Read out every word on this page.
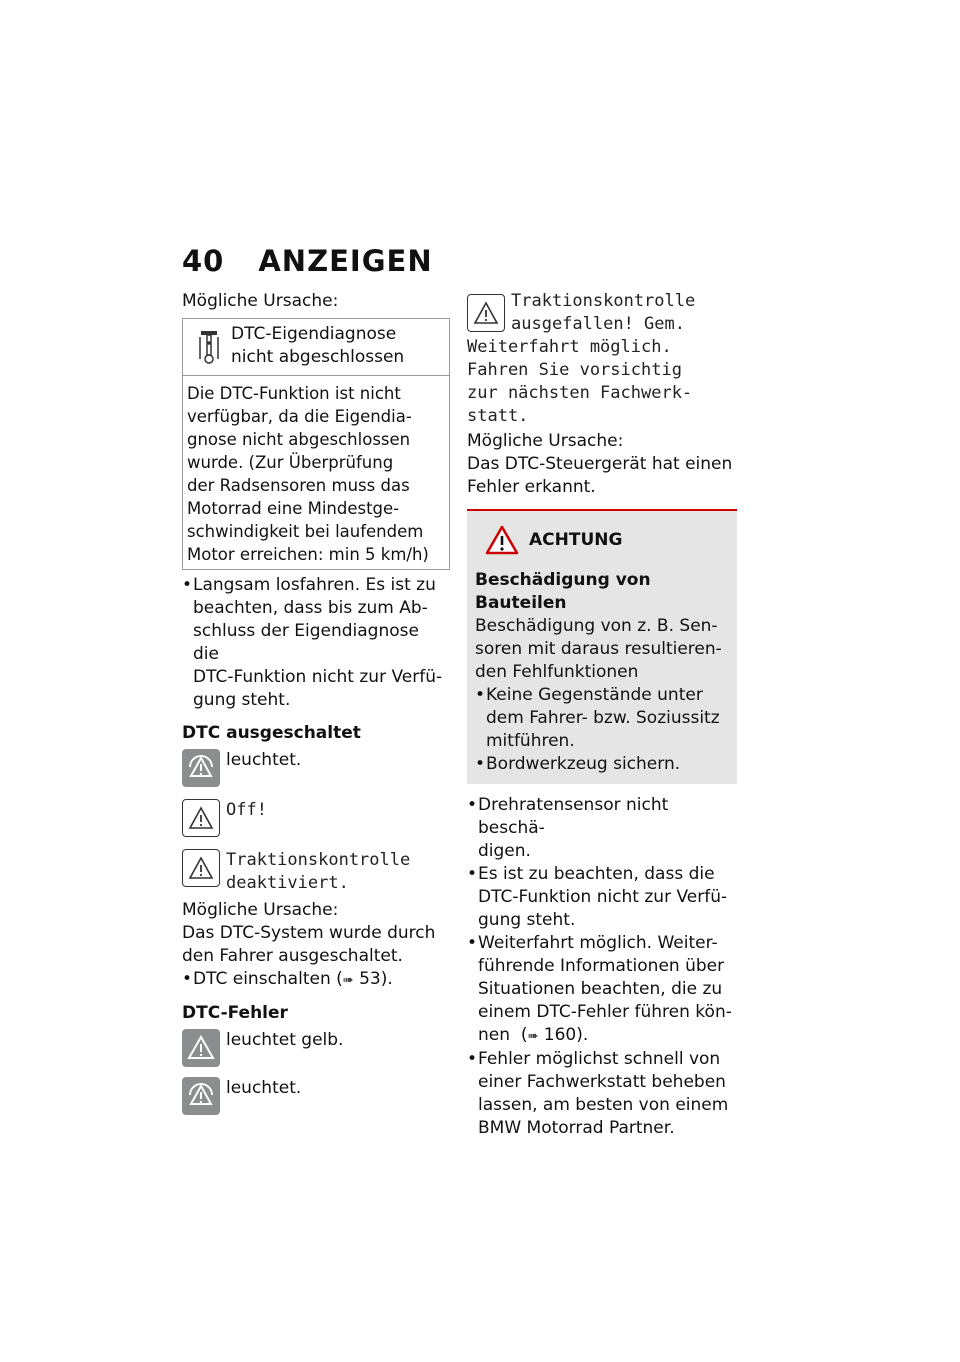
40 ANZEIGEN
Mögliche Ursache:
DTC-Eigendiagnose
nicht abgeschlossen
Die DTC-Funktion ist nicht
verfügbar, da die Eigendia-
gnose nicht abgeschlossen
wurde. (Zur Überprüfung
der Radsensoren muss das
Motorrad eine Mindestge-
schwindigkeit bei laufendem
Motor erreichen: min 5 km/h)
• Langsam losfahren. Es ist zu
beachten, dass bis zum Ab-
schluss der Eigendiagnose die
DTC-Funktion nicht zur Verfü-
gung steht.
DTC ausgeschaltet
leuchtet.
Off!
Traktionskontrolle
deaktiviert.
Mögliche Ursache:
Das DTC-System wurde durch
den Fahrer ausgeschaltet.
• DTC einschalten (➠ 53).
DTC-Fehler
leuchtet gelb.
leuchtet.
Traktionskontrolle
ausgefallen! Gem.
Weiterfahrt möglich.
Fahren Sie vorsichtig
zur nächsten Fachwerk-
statt.
Mögliche Ursache:
Das DTC-Steuergerät hat einen
Fehler erkannt.
ACHTUNG
Beschädigung von Bauteilen
Beschädigung von z. B. Sen-
soren mit daraus resultieren-
den Fehlfunktionen
• Keine Gegenstände unter
dem Fahrer- bzw. Soziussitz
mitführen.
• Bordwerkzeug sichern.
• Drehratensensor nicht beschä-
digen.
• Es ist zu beachten, dass die
DTC-Funktion nicht zur Verfü-
gung steht.
• Weiterfahrt möglich. Weiter-
führende Informationen über
Situationen beachten, die zu
einem DTC-Fehler führen kön-
nen  (➠ 160).
• Fehler möglichst schnell von
einer Fachwerkstatt beheben
lassen, am besten von einem
BMW Motorrad Partner.
